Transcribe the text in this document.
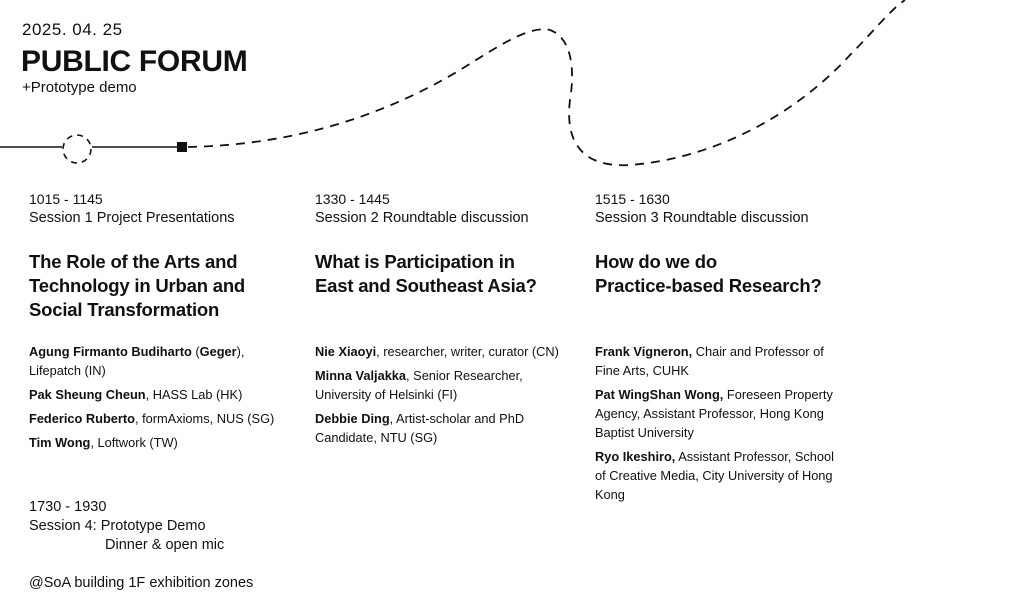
2025. 04. 25
PUBLIC FORUM
+Prototype demo
1015 - 1145
Session 1 Project Presentations
The Role of the Arts and
Technology in Urban and
Social Transformation
Agung Firmanto Budiharto (Geger),
Lifepatch (IN)
Pak Sheung Cheun, HASS Lab (HK)
Federico Ruberto, formAxioms, NUS (SG)
Tim Wong, Loftwork (TW)
1330 - 1445
Session 2 Roundtable discussion
What is Participation in
East and Southeast Asia?
Nie Xiaoyi, researcher, writer, curator (CN)
Minna Valjakka, Senior Researcher, University of Helsinki (FI)
Debbie Ding, Artist-scholar and PhD Candidate, NTU (SG)
1515 - 1630
Session 3 Roundtable discussion
How do we do
Practice-based Research?
Frank Vigneron, Chair and Professor of Fine Arts, CUHK
Pat WingShan Wong, Foreseen Property Agency, Assistant Professor, Hong Kong Baptist University
Ryo Ikeshiro, Assistant Professor, School of Creative Media, City University of Hong Kong
1730 - 1930
Session 4: Prototype Demo
Dinner & open mic
@SoA building 1F exhibition zones
